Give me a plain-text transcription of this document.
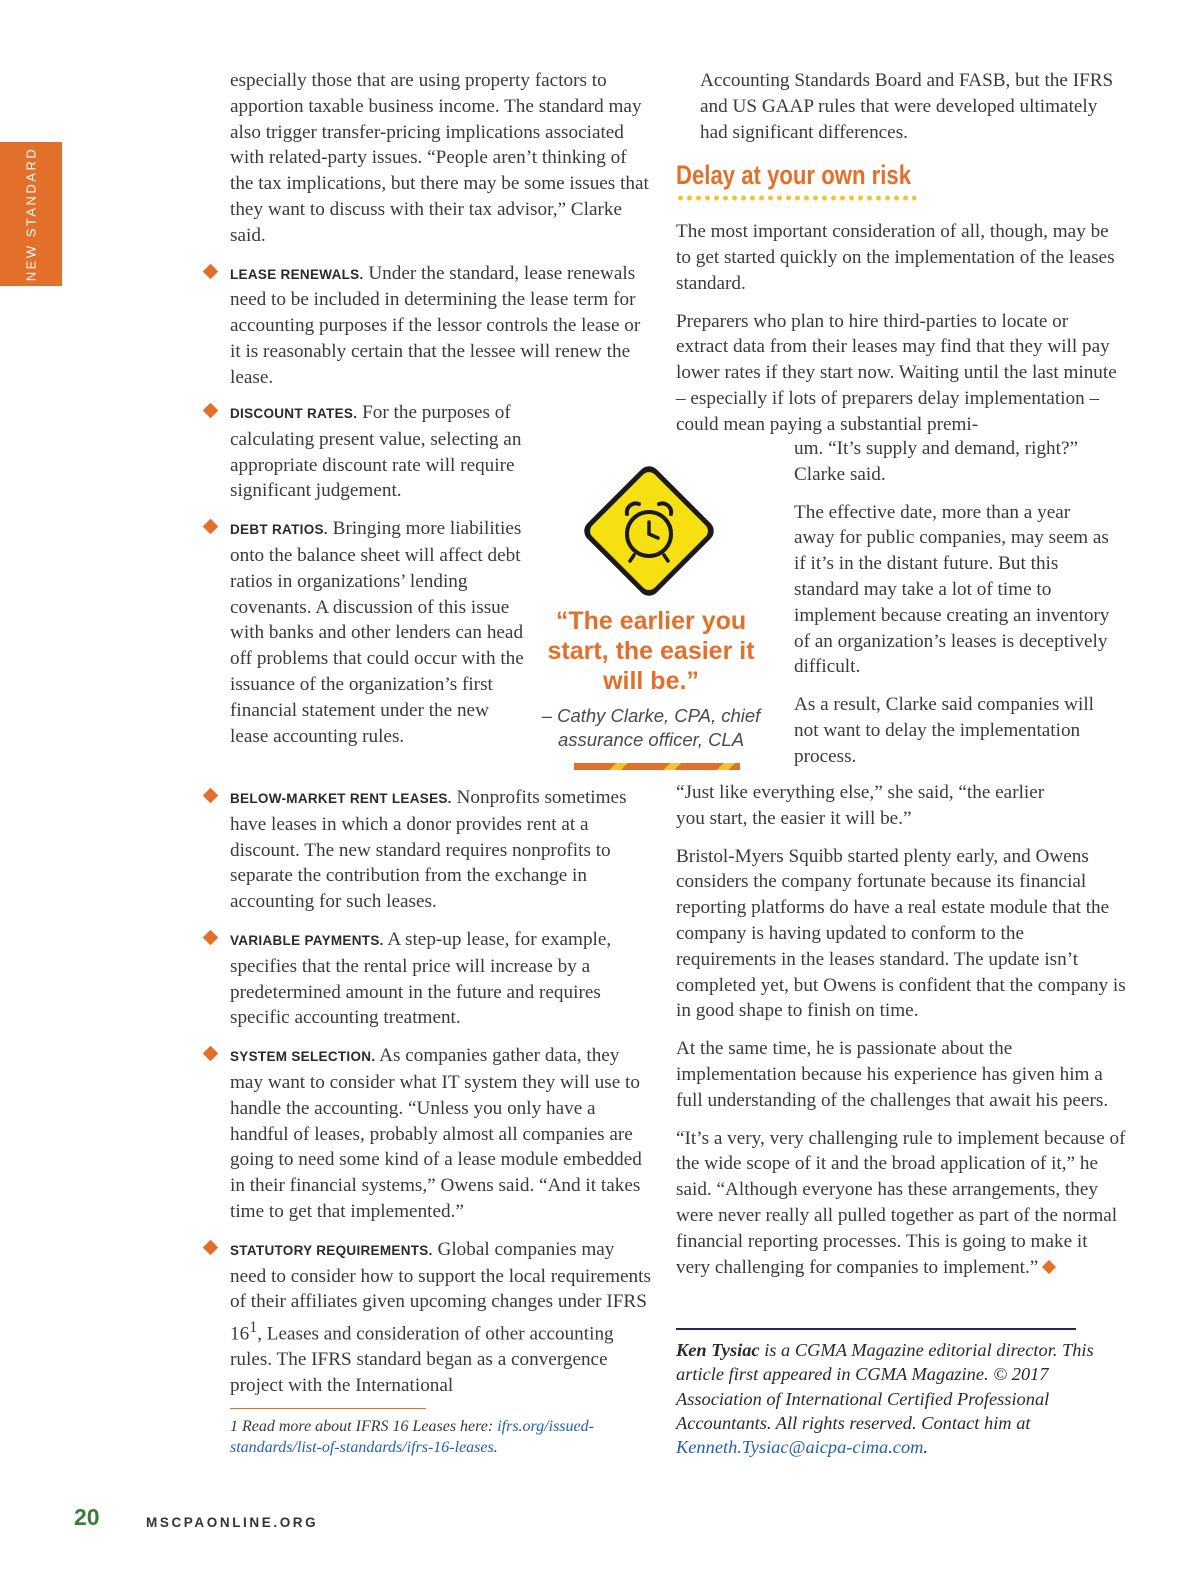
NEW STANDARD

especially those that are using property factors to apportion taxable business income. The standard may also trigger transfer-pricing implications associated with related-party issues. “People aren’t thinking of the tax implications, but there may be some issues that they want to discuss with their tax advisor,” Clarke said.

LEASE RENEWALS. Under the standard, lease renewals need to be included in determining the lease term for accounting purposes if the lessor controls the lease or it is reasonably certain that the lessee will renew the lease.

DISCOUNT RATES. For the purposes of calculating present value, selecting an appropriate discount rate will require significant judgement.

DEBT RATIOS. Bringing more liabilities onto the balance sheet will affect debt ratios in organizations’ lending covenants. A discussion of this issue with banks and other lenders can head off problems that could occur with the issuance of the organization’s first financial statement under the new lease accounting rules.

BELOW-MARKET RENT LEASES. Nonprofits sometimes have leases in which a donor provides rent at a discount. The new standard requires nonprofits to separate the contribution from the exchange in accounting for such leases.

VARIABLE PAYMENTS. A step-up lease, for example, specifies that the rental price will increase by a predetermined amount in the future and requires specific accounting treatment.

SYSTEM SELECTION. As companies gather data, they may want to consider what IT system they will use to handle the accounting. “Unless you only have a handful of leases, probably almost all companies are going to need some kind of a lease module embedded in their financial systems,” Owens said. “And it takes time to get that implemented.”

STATUTORY REQUIREMENTS. Global companies may need to consider how to support the local requirements of their affiliates given upcoming changes under IFRS $16^1$, Leases and consideration of other accounting rules. The IFRS standard began as a convergence project with the International

1 Read more about IFRS 16 Leases here: ifrs.org/issued-standards/list-of-standards/ifrs-16-leases.

Accounting Standards Board and FASB, but the IFRS and US GAAP rules that were developed ultimately had significant differences.

Delay at your own risk

The most important consideration of all, though, may be to get started quickly on the implementation of the leases standard.

Preparers who plan to hire third-parties to locate or extract data from their leases may find that they will pay lower rates if they start now. Waiting until the last minute – especially if lots of preparers delay implementation – could mean paying a substantial premi-

um. “It’s supply and demand, right?” Clarke said.

The effective date, more than a year away for public companies, may seem as if it’s in the distant future. But this standard may take a lot of time to implement because creating an inventory of an organization’s leases is deceptively difficult.

As a result, Clarke said companies will not want to delay the implementation process.

“Just like everything else,” she said, “the earlier you start, the easier it will be.”

Bristol-Myers Squibb started plenty early, and Owens considers the company fortunate because its financial reporting platforms do have a real estate module that the company is having updated to conform to the requirements in the leases standard. The update isn’t completed yet, but Owens is confident that the company is in good shape to finish on time.

At the same time, he is passionate about the implementation because his experience has given him a full understanding of the challenges that await his peers.

“It’s a very, very challenging rule to implement because of the wide scope of it and the broad application of it,” he said. “Although everyone has these arrangements, they were never really all pulled together as part of the normal financial reporting processes. This is going to make it very challenging for companies to implement.”

“The earlier you start, the easier it will be.”
– Cathy Clarke, CPA, chief assurance officer, CLA
Ken Tysiac is a CGMA Magazine editorial director. This article first appeared in CGMA Magazine. © 2017 Association of International Certified Professional Accountants. All rights reserved. Contact him at Kenneth.Tysiac@aicpa-cima.com.
20	MSCPAONLINE.ORG
